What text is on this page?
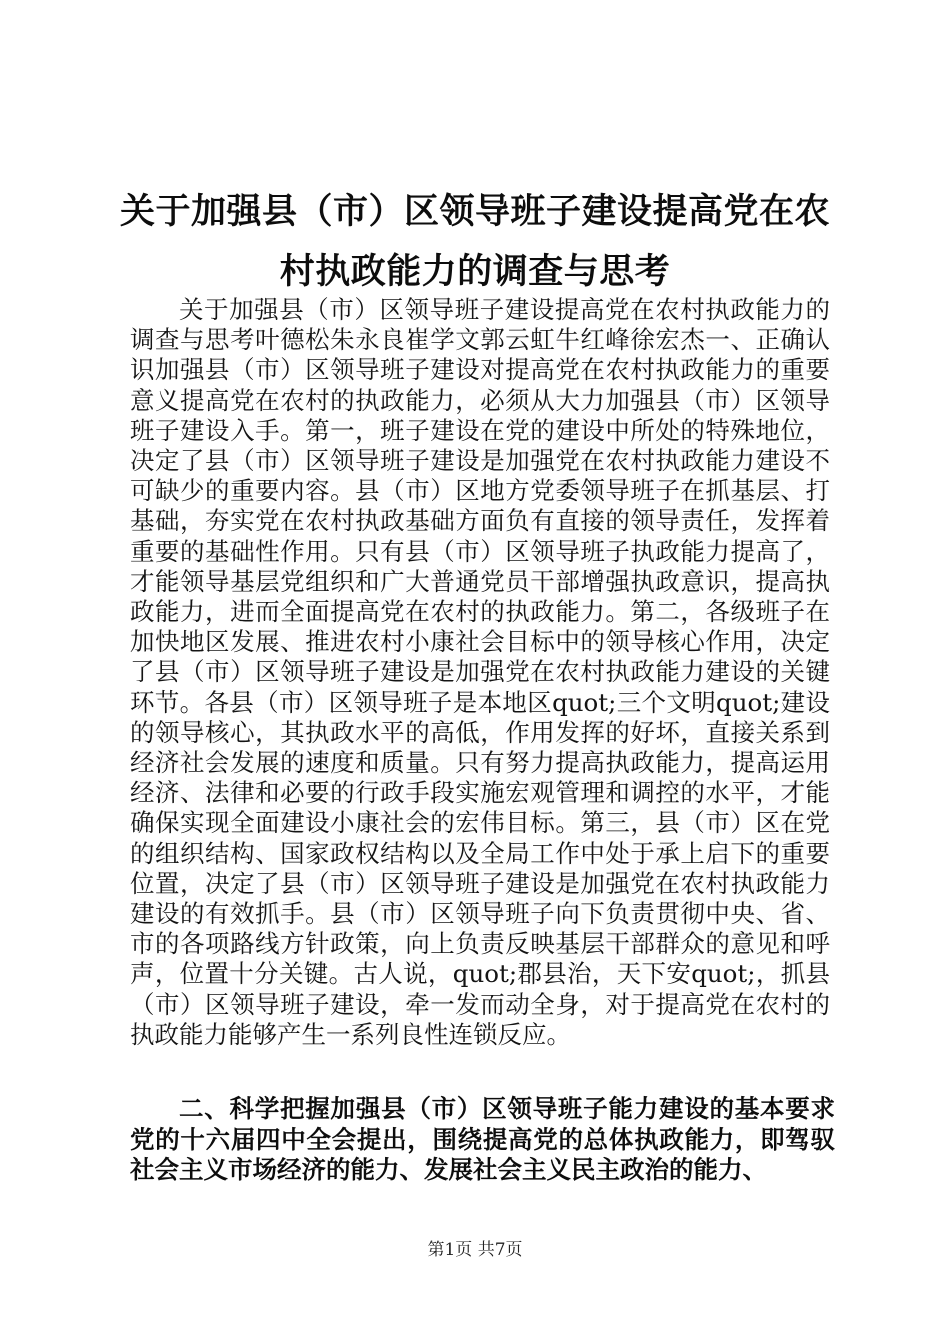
关于加强县（市）区领导班子建设提高党在农
村执政能力的调查与思考

关于加强县（市）区领导班子建设提高党在农村执政能力的调查与思考叶德松朱永良崔学文郭云虹牛红峰徐宏杰一、正确认识加强县（市）区领导班子建设对提高党在农村执政能力的重要意义提高党在农村的执政能力，必须从大力加强县（市）区领导班子建设入手。第一，班子建设在党的建设中所处的特殊地位，决定了县（市）区领导班子建设是加强党在农村执政能力建设不可缺少的重要内容。县（市）区地方党委领导班子在抓基层、打基础，夯实党在农村执政基础方面负有直接的领导责任，发挥着重要的基础性作用。只有县（市）区领导班子执政能力提高了，才能领导基层党组织和广大普通党员干部增强执政意识，提高执政能力，进而全面提高党在农村的执政能力。第二，各级班子在加快地区发展、推进农村小康社会目标中的领导核心作用，决定了县（市）区领导班子建设是加强党在农村执政能力建设的关键环节。各县（市）区领导班子是本地区quot;三个文明quot;建设的领导核心，其执政水平的高低，作用发挥的好坏，直接关系到经济社会发展的速度和质量。只有努力提高执政能力，提高运用经济、法律和必要的行政手段实施宏观管理和调控的水平，才能确保实现全面建设小康社会的宏伟目标。第三，县（市）区在党的组织结构、国家政权结构以及全局工作中处于承上启下的重要位置，决定了县（市）区领导班子建设是加强党在农村执政能力建设的有效抓手。县（市）区领导班子向下负责贯彻中央、省、市的各项路线方针政策，向上负责反映基层干部群众的意见和呼声，位置十分关键。古人说，quot;郡县治，天下安quot;，抓县（市）区领导班子建设，牵一发而动全身，对于提高党在农村的执政能力能够产生一系列良性连锁反应。

二、科学把握加强县（市）区领导班子能力建设的基本要求党的十六届四中全会提出，围绕提高党的总体执政能力，即驾驭社会主义市场经济的能力、发展社会主义民主政治的能力、

第1页 共7页
